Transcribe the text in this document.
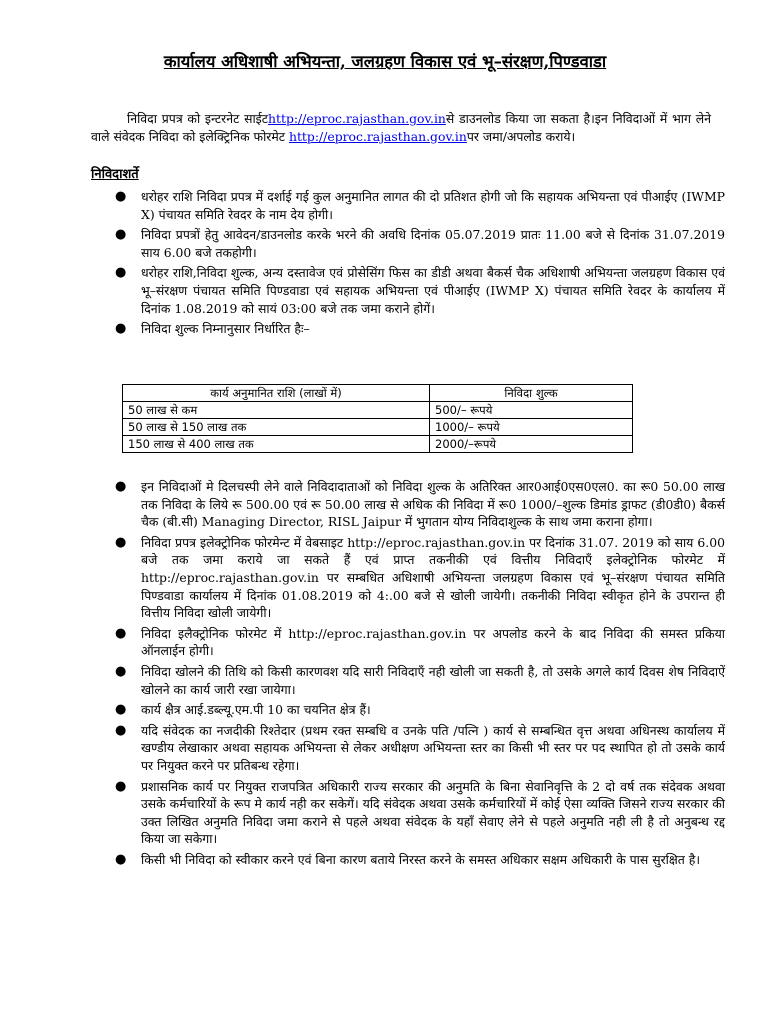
कार्यालय अधिशाषी अभियन्ता, जलग्रहण विकास एवं भू–संरक्षण,पिण्डवाडा

निविदा प्रपत्र को इन्टरनेट साईटhttp://eproc.rajasthan.gov.inसे डाउनलोड किया जा सकता है।इन निविदाओं में भाग लेने वाले संवेदक निविदा को इलेक्ट्रिनिक फोरमेट http://eproc.rajasthan.gov.inपर जमा/अपलोड कराये।

निविदाशर्ते
● धरोहर राशि निविदा प्रपत्र में दर्शाई गई कुल अनुमानित लागत की दो प्रतिशत होगी जो कि सहायक अभियन्ता एवं पीआईए (IWMP X) पंचायत समिति रेवदर के नाम देय होगी।
● निविदा प्रपत्रों हेतु आवेदन/डाउनलोड करके भरने की अवधि दिनांक 05.07.2019 प्रातः 11.00 बजे से दिनांक 31.07.2019 साय 6.00 बजे तकहोगी।
● धरोहर राशि,निविदा शुल्क, अन्य दस्तावेज एवं प्रोसेसिंग फिस का डीडी अथवा बैकर्स चैक अधिशाषी अभियन्ता जलग्रहण विकास एवं भू–संरक्षण पंचायत समिति पिण्डवाडा एवं सहायक अभियन्ता एवं पीआईए (IWMP X) पंचायत समिति रेवदर के कार्यालय में दिनांक 1.08.2019 को सायं 03:00 बजे तक जमा कराने होगें।
● निविदा शुल्क निम्नानुसार निर्धारित हैः–
कार्य अनुमानित राशि (लाखों में)	निविदा शुल्क
50 लाख से कम	500/– रूपये
50 लाख से 150 लाख तक	1000/– रूपये
150 लाख से 400 लाख तक	2000/–रूपये
● इन निविदाओं मे दिलचस्पी लेने वाले निविदादाताओं को निविदा शुल्क के अतिरिक्त आर0आई0एस0एल0. का रू0 50.00 लाख तक निविदा के लिये रू 500.00 एवं रू 50.00 लाख से अधिक की निविदा में रू0 1000/–शुल्क डिमांड ड्राफट (डी0डी0) बैकर्स चैक (बी.सी) Managing Director, RISL Jaipur में भुगतान योग्य निविदाशुल्क के साथ जमा कराना होगा।
● निविदा प्रपत्र इलेक्ट्रोनिक फोरमेन्ट में वेबसाइट http://eproc.rajasthan.gov.in पर दिनांक 31.07. 2019 को साय 6.00 बजे तक जमा कराये जा सकते हैं एवं प्राप्त तकनीकी एवं वित्तीय निविदाएँ इलेक्ट्रोनिक फोरमेट में http://eproc.rajasthan.gov.in पर सम्बधित अधिशाषी अभियन्ता जलग्रहण विकास एवं भू–संरक्षण पंचायत समिति पिण्डवाडा कार्यालय में दिनांक 01.08.2019 को 4:.00 बजे से खोली जायेगी। तकनीकी निविदा स्वीकृत होने के उपरान्त ही वित्तीय निविदा खोली जायेगी।
● निविदा इलैक्ट्रोनिक फोरमेट में http://eproc.rajasthan.gov.in पर अपलोड करने के बाद निविदा की समस्त प्रकिया ऑनलाईन होगी।
● निविदा खोलने की तिथि को किसी कारणवश यदि सारी निविदाएँ नही खोली जा सकती है, तो उसके अगले कार्य दिवस शेष निविदाऐं खोलने का कार्य जारी रखा जायेगा।
● कार्य क्षैत्र आई.डब्ल्यू.एम.पी 10 का चयनित क्षेत्र हैं।
● यदि संवेदक का नजदीकी रिश्तेदार (प्रथम रक्त सम्बधि व उनके पति /पत्नि ) कार्य से सम्बन्धित वृत्त अथवा अधिनस्थ कार्यालय में खण्डीय लेखाकार अथवा सहायक अभियन्ता से लेकर अधीक्षण अभियन्ता स्तर का किसी भी स्तर पर पद स्थापित हो तो उसके कार्य पर नियुक्त करने पर प्रतिबन्ध रहेगा।
● प्रशासनिक कार्य पर नियुक्त राजपत्रित अधिकारी राज्य सरकार की अनुमति के बिना सेवानिवृत्ति के 2 दो वर्ष तक संदेवक अथवा उसके कर्मचारियों के रूप मे कार्य नही कर सकेगें। यदि संवेदक अथवा उसके कर्मचारियों में कोई ऐसा व्यक्ति जिसने राज्य सरकार की उक्त लिखित अनुमति निविदा जमा कराने से पहले अथवा संवेदक के यहाँ सेवाए लेने से पहले अनुमति नही ली है तो अनुबन्ध रद्द किया जा सकेगा।
● किसी भी निविदा को स्वीकार करने एवं बिना कारण बताये निरस्त करने के समस्त अधिकार सक्षम अधिकारी के पास सुरक्षित है।
